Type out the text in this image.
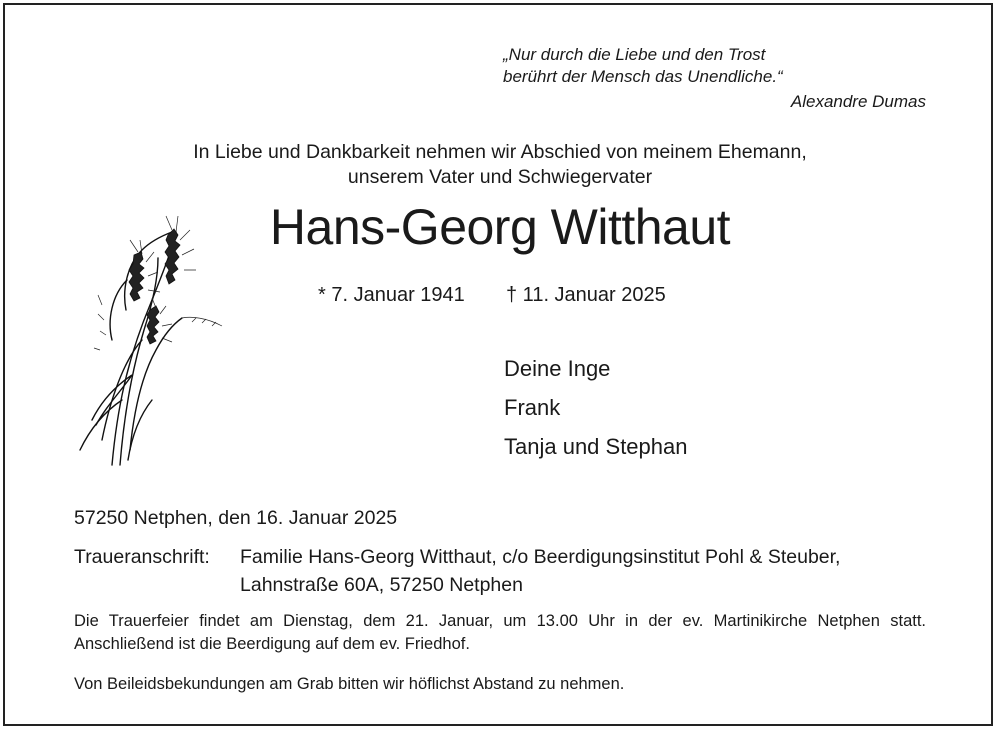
„Nur durch die Liebe und den Trost
berührt der Mensch das Unendliche.“
Alexandre Dumas
In Liebe und Dankbarkeit nehmen wir Abschied von meinem Ehemann,
unserem Vater und Schwiegervater
Hans-Georg Witthaut
* 7. Januar 1941 † 11. Januar 2025
Deine Inge
Frank
Tanja und Stephan
57250 Netphen, den 16. Januar 2025
Traueranschrift: Familie Hans-Georg Witthaut, c/o Beerdigungsinstitut Pohl & Steuber,
Lahnstraße 60A, 57250 Netphen
Die Trauerfeier findet am Dienstag, dem 21. Januar, um 13.00 Uhr in der ev. Martinikirche Netphen statt. Anschließend ist die Beerdigung auf dem ev. Friedhof.
Von Beileidsbekundungen am Grab bitten wir höflichst Abstand zu nehmen.
